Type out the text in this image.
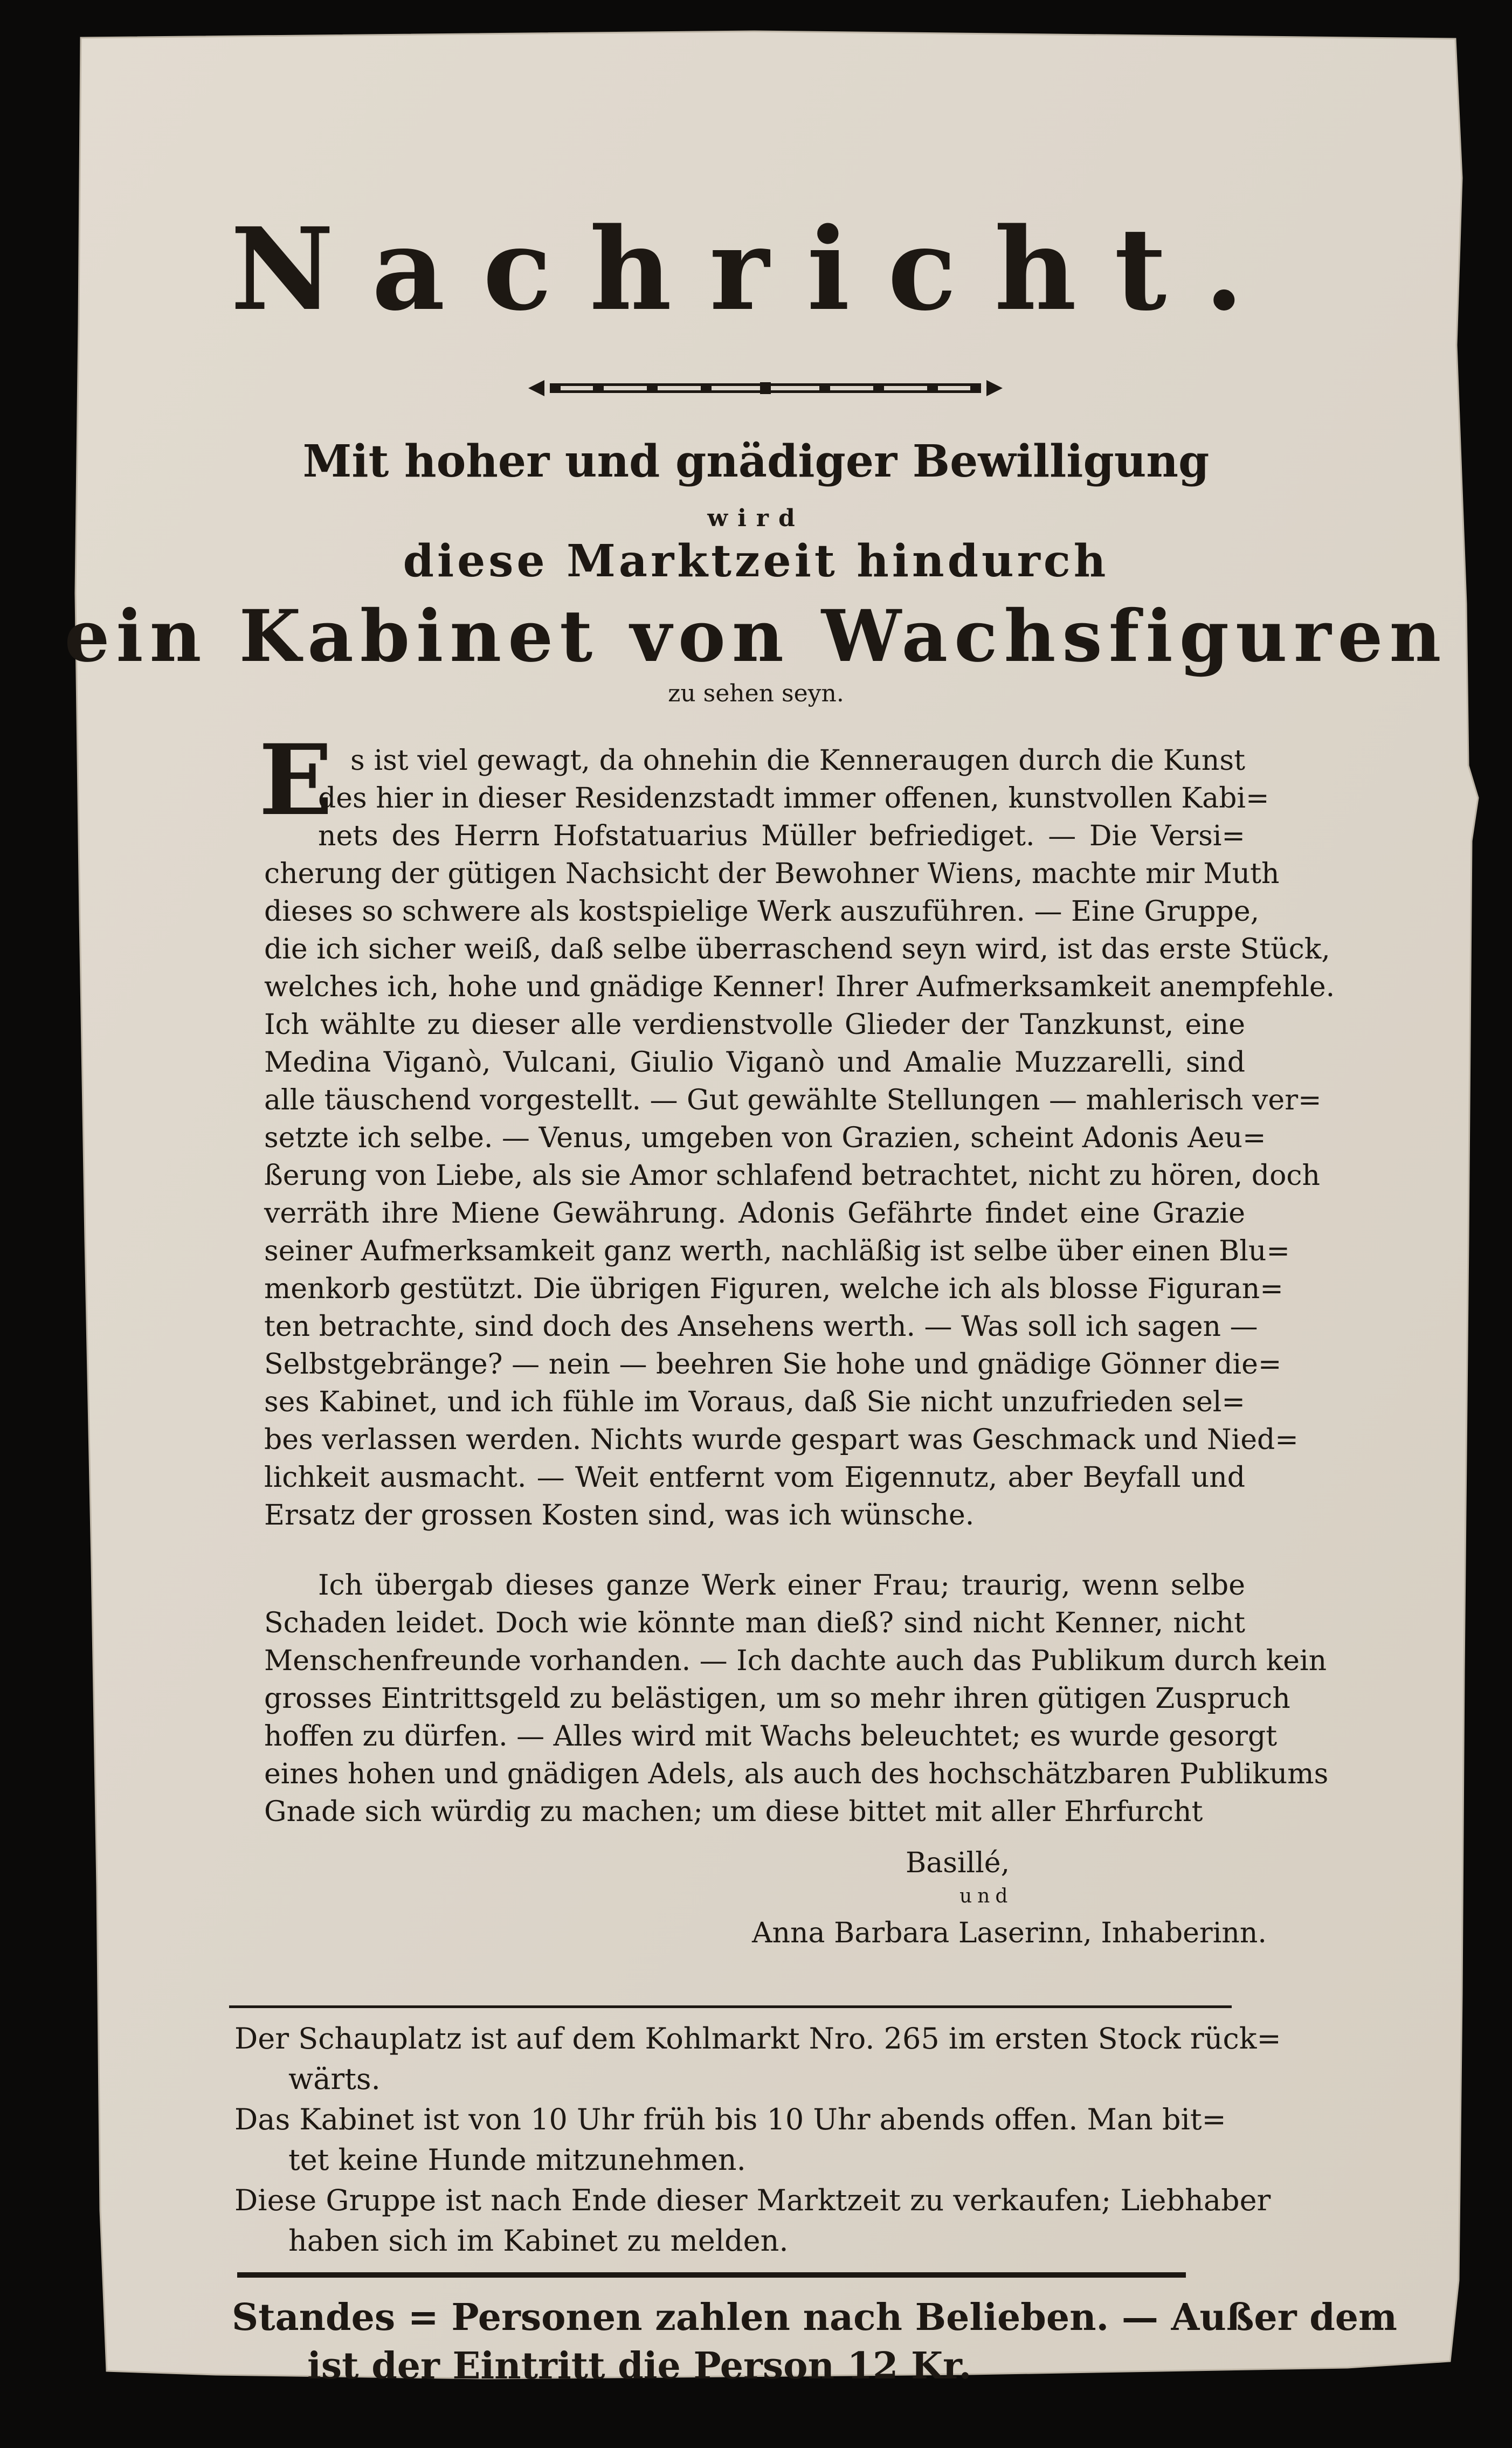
Nachricht.
Mit hoher und gnädiger Bewilligung
wird
diese Marktzeit hindurch
ein Kabinet von Wachsfiguren
zu sehen seyn.
E s ist viel gewagt, da ohnehin die Kenneraugen durch die Kunst
des hier in dieser Residenzstadt immer offenen, kunstvollen Kabi=
nets des Herrn Hofstatuarius Müller befriediget. — Die Versi=
cherung der gütigen Nachsicht der Bewohner Wiens, machte mir Muth
dieses so schwere als kostspielige Werk auszuführen. — Eine Gruppe,
die ich sicher weiß, daß selbe überraschend seyn wird, ist das erste Stück,
welches ich, hohe und gnädige Kenner! Ihrer Aufmerksamkeit anempfehle.
Ich wählte zu dieser alle verdienstvolle Glieder der Tanzkunst, eine
Medina Viganò, Vulcani, Giulio Viganò und Amalie Muzzarelli, sind
alle täuschend vorgestellt. — Gut gewählte Stellungen — mahlerisch ver=
setzte ich selbe. — Venus, umgeben von Grazien, scheint Adonis Aeu=
ßerung von Liebe, als sie Amor schlafend betrachtet, nicht zu hören, doch
verräth ihre Miene Gewährung. Adonis Gefährte findet eine Grazie
seiner Aufmerksamkeit ganz werth, nachläßig ist selbe über einen Blu=
menkorb gestützt. Die übrigen Figuren, welche ich als blosse Figuran=
ten betrachte, sind doch des Ansehens werth. — Was soll ich sagen —
Selbstgebränge? — nein — beehren Sie hohe und gnädige Gönner die=
ses Kabinet, und ich fühle im Voraus, daß Sie nicht unzufrieden sel=
bes verlassen werden. Nichts wurde gespart was Geschmack und Nied=
lichkeit ausmacht. — Weit entfernt vom Eigennutz, aber Beyfall und
Ersatz der grossen Kosten sind, was ich wünsche.
Ich übergab dieses ganze Werk einer Frau; traurig, wenn selbe
Schaden leidet. Doch wie könnte man dieß? sind nicht Kenner, nicht
Menschenfreunde vorhanden. — Ich dachte auch das Publikum durch kein
grosses Eintrittsgeld zu belästigen, um so mehr ihren gütigen Zuspruch
hoffen zu dürfen. — Alles wird mit Wachs beleuchtet; es wurde gesorgt
eines hohen und gnädigen Adels, als auch des hochschätzbaren Publikums
Gnade sich würdig zu machen; um diese bittet mit aller Ehrfurcht
Basillé,
und
Anna Barbara Laserinn, Inhaberinn.
Der Schauplatz ist auf dem Kohlmarkt Nro. 265 im ersten Stock rück=
wärts.
Das Kabinet ist von 10 Uhr früh bis 10 Uhr abends offen. Man bit=
tet keine Hunde mitzunehmen.
Diese Gruppe ist nach Ende dieser Marktzeit zu verkaufen; Liebhaber
haben sich im Kabinet zu melden.
Standes = Personen zahlen nach Belieben. — Außer dem
ist der Eintritt die Person 12 Kr.
